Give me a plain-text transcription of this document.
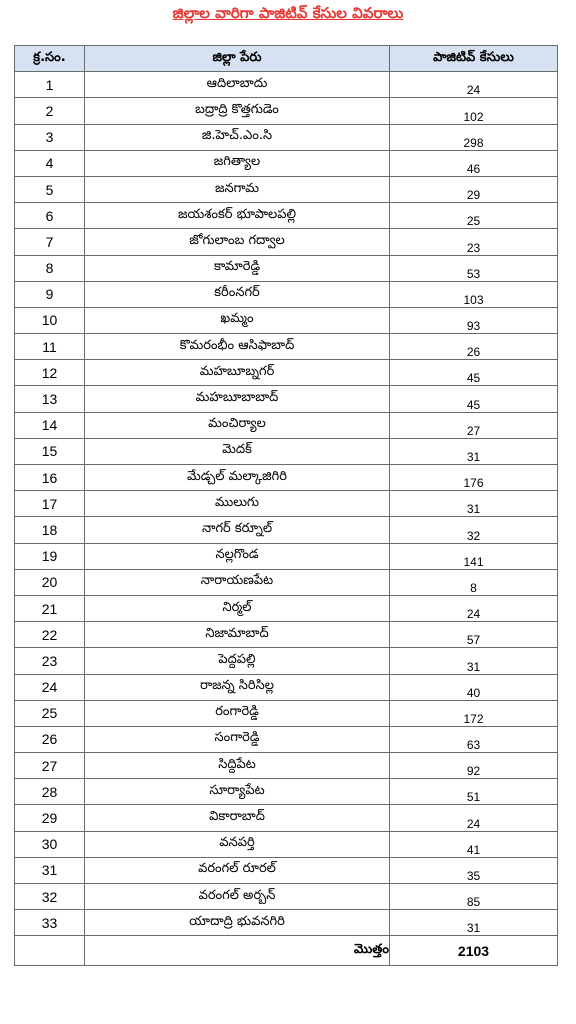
జిల్లాల వారిగా పాజిటివ్ కేసుల వివరాలు
క్ర.సం.	జిల్లా పేరు	పాజిటివ్ కేసులు
1	ఆదిలాబాదు	24
2	బద్రాద్రి కొత్తగుడెం	102
3	జి.హెచ్.ఎం.సి	298
4	జగిత్యాల	46
5	జనగామ	29
6	జయశంకర్ భూపాలపల్లి	25
7	జోగులాంబ గద్వాల	23
8	కామారెడ్డి	53
9	కరీంనగర్	103
10	ఖమ్మం	93
11	కొమరంభీం ఆసిఫాబాద్	26
12	మహబూబ్నగర్	45
13	మహబూబాబాద్	45
14	మంచిర్యాల	27
15	మెదక్	31
16	మేడ్చల్ మల్కాజిగిరి	176
17	ములుగు	31
18	నాగర్ కర్నూల్	32
19	నల్లగొండ	141
20	నారాయణపేట	8
21	నిర్మల్	24
22	నిజామాబాద్	57
23	పెద్దపల్లి	31
24	రాజన్న సిరిసిల్ల	40
25	రంగారెడ్డి	172
26	సంగారెడ్డి	63
27	సిద్దిపేట	92
28	సూర్యాపేట	51
29	వికారాబాద్	24
30	వనపర్తి	41
31	వరంగల్ రూరల్	35
32	వరంగల్ అర్బన్	85
33	యాదాద్రి భువనగిరి	31
	మొత్తం	2103
